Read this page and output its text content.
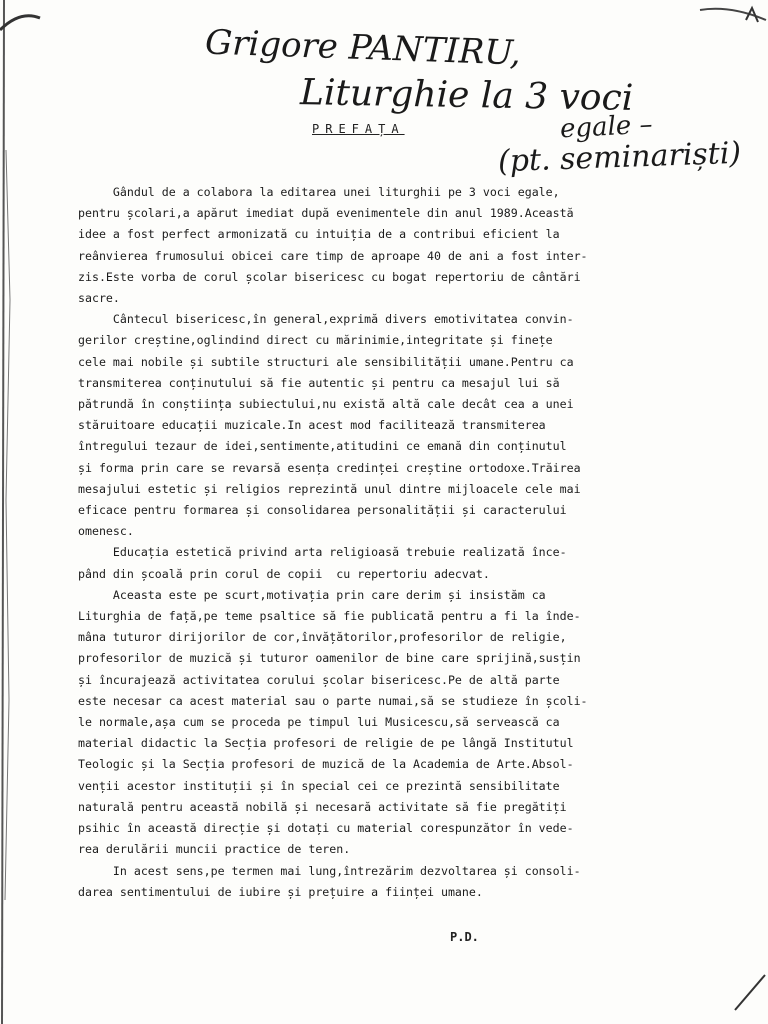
Grigore PANTIRU,
Liturghie la 3 voci
egale –
(pt. seminariști)
PREFAȚA
Gândul de a colabora la editarea unei liturghii pe 3 voci egale,
pentru școlari,a apărut imediat după evenimentele din anul 1989.Această
idee a fost perfect armonizată cu intuiția de a contribui eficient la
reânvierea frumosului obicei care timp de aproape 40 de ani a fost inter-
zis.Este vorba de corul școlar bisericesc cu bogat repertoriu de cântări
sacre.
Cântecul bisericesc,în general,exprimă divers emotivitatea convin-
gerilor creștine,oglindind direct cu mărinimie,integritate și finețe
cele mai nobile și subtile structuri ale sensibilității umane.Pentru ca
transmiterea conținutului să fie autentic și pentru ca mesajul lui să
pătrundă în conștiința subiectului,nu există altă cale decât cea a unei
stăruitoare educații muzicale.In acest mod facilitează transmiterea
întregului tezaur de idei,sentimente,atitudini ce emană din conținutul
și forma prin care se revarsă esența credinței creștine ortodoxe.Trăirea
mesajului estetic și religios reprezintă unul dintre mijloacele cele mai
eficace pentru formarea și consolidarea personalității și caracterului
omenesc.
Educația estetică privind arta religioasă trebuie realizată înce-
pând din școală prin corul de copii  cu repertoriu adecvat.
Aceasta este pe scurt,motivația prin care derim și insistăm ca
Liturghia de față,pe teme psaltice să fie publicată pentru a fi la înde-
mâna tuturor dirijorilor de cor,învățătorilor,profesorilor de religie,
profesorilor de muzică și tuturor oamenilor de bine care sprijină,susțin
și încurajează activitatea corului școlar bisericesc.Pe de altă parte
este necesar ca acest material sau o parte numai,să se studieze în școli-
le normale,așa cum se proceda pe timpul lui Musicescu,să servească ca
material didactic la Secția profesori de religie de pe lângă Institutul
Teologic și la Secția profesori de muzică de la Academia de Arte.Absol-
venții acestor instituții și în special cei ce prezintă sensibilitate
naturală pentru această nobilă și necesară activitate să fie pregătiți
psihic în această direcție și dotați cu material corespunzător în vede-
rea derulării muncii practice de teren.
In acest sens,pe termen mai lung,întrezărim dezvoltarea și consoli-
darea sentimentului de iubire și prețuire a ființei umane.
P.D.
